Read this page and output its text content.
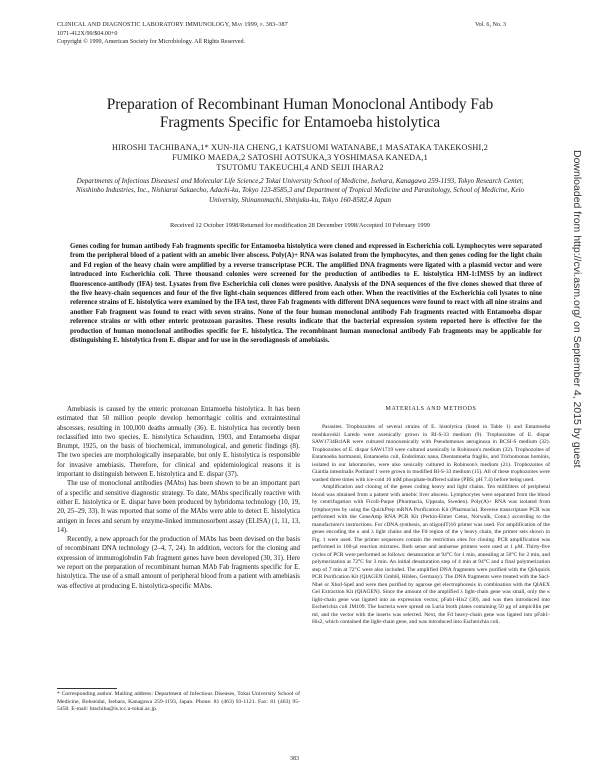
CLINICAL AND DIAGNOSTIC LABORATORY IMMUNOLOGY, May 1999, p. 383–387	Vol. 6, No. 3
1071-412X/99/$04.00+0
Copyright © 1999, American Society for Microbiology. All Rights Reserved.
Preparation of Recombinant Human Monoclonal Antibody Fab
Fragments Specific for Entamoeba histolytica
HIROSHI TACHIBANA,1* XUN-JIA CHENG,1 KATSUOMI WATANABE,1 MASATAKA TAKEKOSHI,2
FUMIKO MAEDA,2 SATOSHI AOTSUKA,3 YOSHIMASA KANEDA,1
TSUTOMU TAKEUCHI,4 AND SEIJI IHARA2
Departments of Infectious Diseases1 and Molecular Life Science,2 Tokai University School of Medicine, Isehara, Kanagawa 259-1193, Tokyo Research Center, Nisshinbo Industries, Inc., Nishiarai Sakaecho, Adachi-ku, Tokyo 123-8585,3 and Department of Tropical Medicine and Parasitology, School of Medicine, Keio University, Shinanomachi, Shinjuku-ku, Tokyo 160-8582,4 Japan
Received 12 October 1998/Returned for modification 28 December 1998/Accepted 10 February 1999
Genes coding for human antibody Fab fragments specific for Entamoeba histolytica were cloned and expressed in Escherichia coli. Lymphocytes were separated from the peripheral blood of a patient with an amebic liver abscess. Poly(A)+ RNA was isolated from the lymphocytes, and then genes coding for the light chain and Fd region of the heavy chain were amplified by a reverse transcriptase PCR. The amplified DNA fragments were ligated with a plasmid vector and were introduced into Escherichia coli. Three thousand colonies were screened for the production of antibodies to E. histolytica HM-1:IMSS by an indirect fluorescence-antibody (IFA) test. Lysates from five Escherichia coli clones were positive. Analysis of the DNA sequences of the five clones showed that three of the five heavy-chain sequences and four of the five light-chain sequences differed from each other. When the reactivities of the Escherichia coli lysates to nine reference strains of E. histolytica were examined by the IFA test, three Fab fragments with different DNA sequences were found to react with all nine strains and another Fab fragment was found to react with seven strains. None of the four human monoclonal antibody Fab fragments reacted with Entamoeba dispar reference strains or with other enteric protozoan parasites. These results indicate that the bacterial expression system reported here is effective for the production of human monoclonal antibodies specific for E. histolytica. The recombinant human monoclonal antibody Fab fragments may be applicable for distinguishing E. histolytica from E. dispar and for use in the serodiagnosis of amebiasis.

Amebiasis is caused by the enteric protozoan Entamoeba histolytica. It has been estimated that 50 million people develop hemorrhagic colitis and extraintestinal abscesses, resulting in 100,000 deaths annually (36). E. histolytica has recently been reclassified into two species, E. histolytica Schaudinn, 1903, and Entamoeba dispar Brumpt, 1925, on the basis of biochemical, immunological, and genetic findings (8). The two species are morphologically inseparable, but only E. histolytica is responsible for invasive amebiasis. Therefore, for clinical and epidemiological reasons it is important to distinguish between E. histolytica and E. dispar (37).

The use of monoclonal antibodies (MAbs) has been shown to be an important part of a specific and sensitive diagnostic strategy. To date, MAbs specifically reactive with either E. histolytica or E. dispar have been produced by hybridoma technology (10, 19, 20, 25–29, 33). It was reported that some of the MAbs were able to detect E. histolytica antigen in feces and serum by enzyme-linked immunosorbent assay (ELISA) (1, 11, 13, 14).

Recently, a new approach for the production of MAbs has been devised on the basis of recombinant DNA technology (2–4, 7, 24). In addition, vectors for the cloning and expression of immunoglobulin Fab fragment genes have been developed (30, 31). Here we report on the preparation of recombinant human MAb Fab fragments specific for E. histolytica. The use of a small amount of peripheral blood from a patient with amebiasis was effective at producing E. histolytica-specific MAbs.

MATERIALS AND METHODS

Parasites. Trophozoites of several strains of E. histolytica (listed in Table 1) and Entamoeba moshkovskii Laredo were axenically grown in BI-S-33 medium (9). Trophozoites of E. dispar SAW1734RclAR were cultured monoxenically with Pseudomonas aeruginosa in BCSI-S medium (32). Trophozoites of E. dispar SAW1719 were cultured axenically in Robinson's medium (32). Trophozoites of Entamoeba hartmanni, Entamoeba coli, Endolimax nana, Dientamoeba fragilis, and Trichomonas hominis, isolated in our laboratories, were also xenically cultured in Robinson's medium (21). Trophozoites of Giardia intestinalis Portland 1 were grown in modified BI-S-33 medium (15). All of these trophozoites were washed three times with ice-cold 10 mM phosphate-buffered saline (PBS; pH 7.4) before being used.

Amplification and cloning of the genes coding heavy and light chains. Ten milliliters of peripheral blood was obtained from a patient with amebic liver abscess. Lymphocytes were separated from the blood by centrifugation with Ficoll-Paque (Pharmacia, Uppsala, Sweden). Poly(A)+ RNA was isolated from lymphocytes by using the QuickPrep mRNA Purification Kit (Pharmacia). Reverse transcriptase PCR was performed with the GeneAmp RNA PCR Kit (Perkin-Elmer Cetus, Norwalk, Conn.) according to the manufacturer's instructions. For cDNA synthesis, an oligo(dT)16 primer was used. For amplification of the genes encoding the κ and λ light chains and the Fd region of the γ heavy chain, the primer sets shown in Fig. 1 were used. The primer sequences contain the restriction sites for cloning. PCR amplification was performed in 100-μl reaction mixtures. Both sense and antisense primers were used at 1 μM. Thirty-five cycles of PCR were performed as follows: denaturation at 94°C for 1 min, annealing at 50°C for 2 min, and polymerization at 72°C for 3 min. An initial denaturation step of 4 min at 94°C and a final polymerization step of 7 min at 72°C were also included. The amplified DNA fragments were purified with the QIAquick PCR Purification Kit (QIAGEN GmbH, Hilden, Germany). The DNA fragments were treated with the Sacl-Nhel or XhoI-SpeI and were then purified by agarose gel electrophoresis in combination with the QIAEX Gel Extraction Kit (QIAGEN). Since the amount of the amplified λ light-chain gene was small, only the κ light-chain gene was ligated into an expression vector, pFab1-His2 (30), and was then introduced into Escherichia coli JM109. The bacteria were spread on Luria broth plates containing 50 μg of ampicillin per ml, and the vector with the inserts was selected. Next, the Fd heavy-chain gene was ligated into pFab1-His2, which contained the light-chain gene, and was introduced into Escherichia coli.

* Corresponding author. Mailing address: Department of Infectious Diseases, Tokai University School of Medicine, Bohseidai, Isehara, Kanagawa 259-1193, Japan. Phone: 81 (463) 93-1121. Fax: 81 (463) 95-5450. E-mail: htachiba@is.icc.u-tokai.ac.jp.
383
Downloaded from http://cvi.asm.org/ on September 4, 2015 by guest
